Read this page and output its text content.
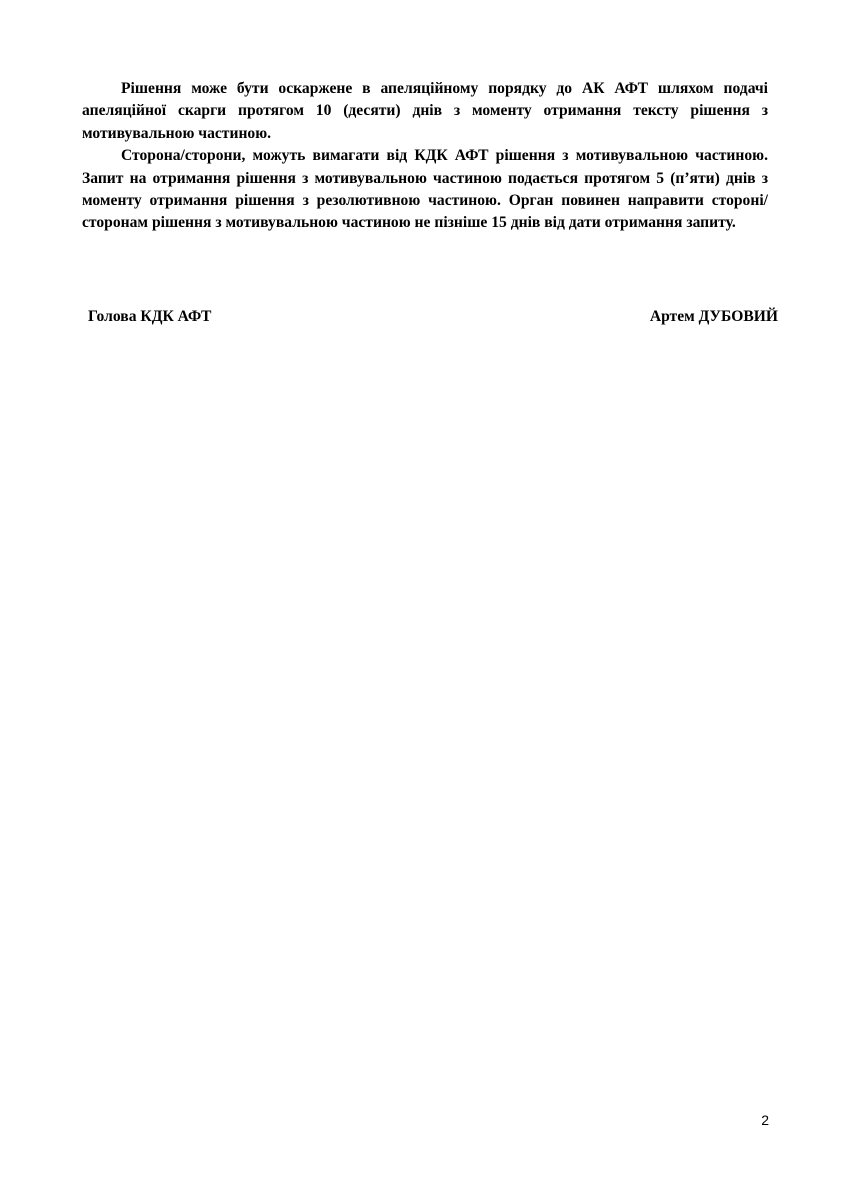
Рішення може бути оскаржене в апеляційному порядку до АК АФТ шляхом подачі апеляційної скарги протягом 10 (десяти) днів з моменту отримання тексту рішення з мотивувальною частиною.

Сторона/сторони, можуть вимагати від КДК АФТ рішення з мотивувальною частиною. Запит на отримання рішення з мотивувальною частиною подається протягом 5 (п’яти) днів з моменту отримання рішення з резолютивною частиною. Орган повинен направити стороні/сторонам рішення з мотивувальною частиною не пізніше 15 днів від дати отримання запиту.

Голова КДК АФТ	Артем ДУБОВИЙ
2
